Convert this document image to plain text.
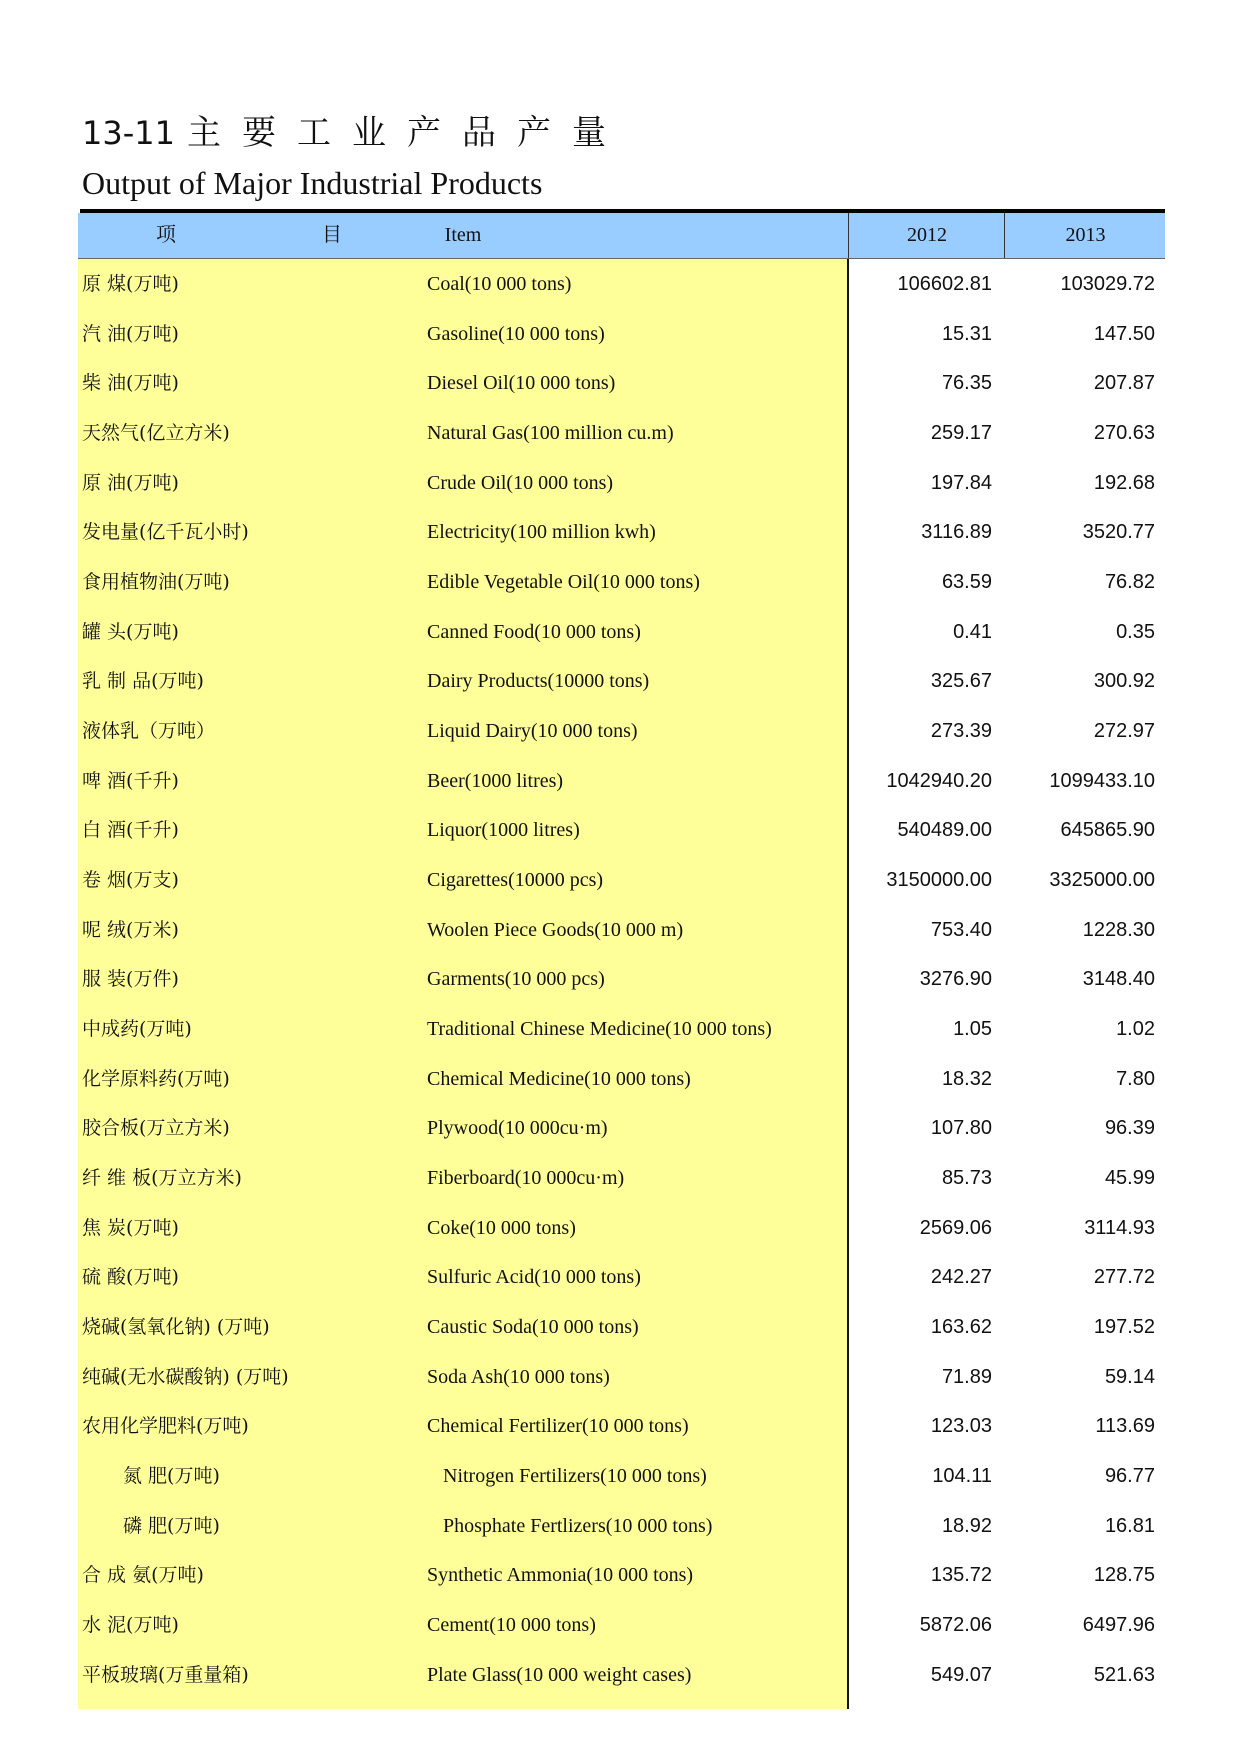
13-11 主要工业产品产量
Output of Major Industrial Products
项	目	Item	2012	2013
原 煤(万吨)	Coal(10 000 tons)	106602.81	103029.72
汽 油(万吨)	Gasoline(10 000 tons)	15.31	147.50
柴 油(万吨)	Diesel Oil(10 000 tons)	76.35	207.87
天然气(亿立方米)	Natural Gas(100 million cu.m)	259.17	270.63
原 油(万吨)	Crude Oil(10 000 tons)	197.84	192.68
发电量(亿千瓦小时)	Electricity(100 million kwh)	3116.89	3520.77
食用植物油(万吨)	Edible Vegetable Oil(10 000 tons)	63.59	76.82
罐 头(万吨)	Canned Food(10 000 tons)	0.41	0.35
乳 制 品(万吨)	Dairy Products(10000 tons)	325.67	300.92
液体乳（万吨）	Liquid Dairy(10 000 tons)	273.39	272.97
啤 酒(千升)	Beer(1000 litres)	1042940.20	1099433.10
白 酒(千升)	Liquor(1000 litres)	540489.00	645865.90
卷 烟(万支)	Cigarettes(10000 pcs)	3150000.00	3325000.00
呢 绒(万米)	Woolen Piece Goods(10 000 m)	753.40	1228.30
服 装(万件)	Garments(10 000 pcs)	3276.90	3148.40
中成药(万吨)	Traditional Chinese Medicine(10 000 tons)	1.05	1.02
化学原料药(万吨)	Chemical Medicine(10 000 tons)	18.32	7.80
胶合板(万立方米)	Plywood(10 000cu·m)	107.80	96.39
纤 维 板(万立方米)	Fiberboard(10 000cu·m)	85.73	45.99
焦 炭(万吨)	Coke(10 000 tons)	2569.06	3114.93
硫 酸(万吨)	Sulfuric Acid(10 000 tons)	242.27	277.72
烧碱(氢氧化钠) (万吨)	Caustic Soda(10 000 tons)	163.62	197.52
纯碱(无水碳酸钠) (万吨)	Soda Ash(10 000 tons)	71.89	59.14
农用化学肥料(万吨)	Chemical Fertilizer(10 000 tons)	123.03	113.69
氮 肥(万吨)	Nitrogen Fertilizers(10 000 tons)	104.11	96.77
磷 肥(万吨)	Phosphate Fertlizers(10 000 tons)	18.92	16.81
合 成 氨(万吨)	Synthetic Ammonia(10 000 tons)	135.72	128.75
水 泥(万吨)	Cement(10 000 tons)	5872.06	6497.96
平板玻璃(万重量箱)	Plate Glass(10 000 weight cases)	549.07	521.63
